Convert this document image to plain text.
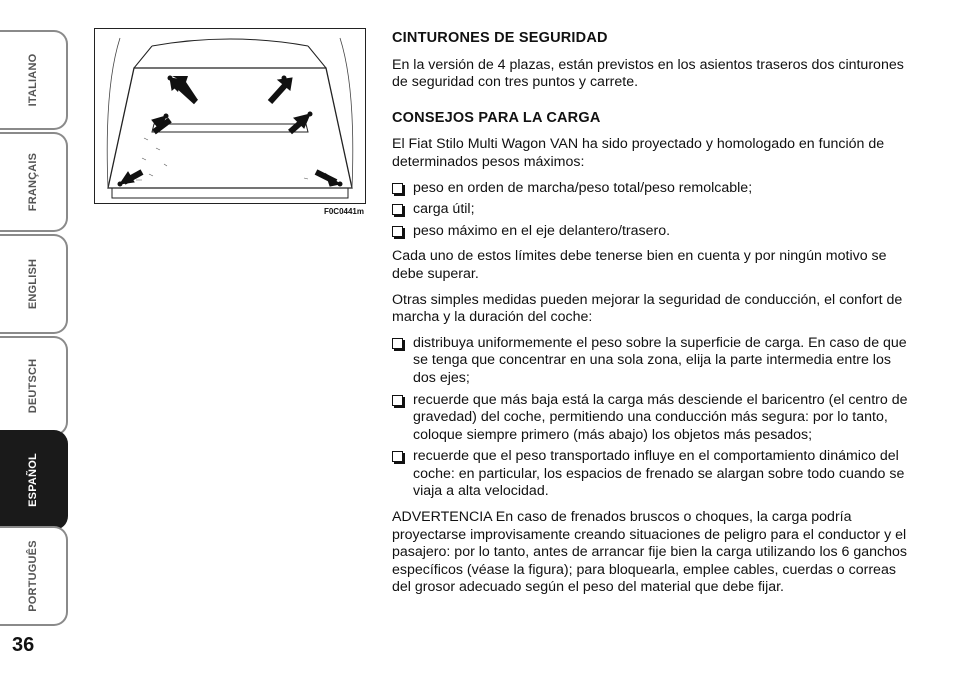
ITALIANO
FRANÇAIS
ENGLISH
DEUTSCH
ESPAÑOL
PORTUGUÊS
36
F0C0441m
CINTURONES DE SEGURIDAD

En la versión de 4 plazas, están previstos en los asientos traseros dos cinturones de seguridad con tres puntos y carrete.

CONSEJOS PARA LA CARGA

El Fiat Stilo Multi Wagon VAN ha sido proyectado y homologado en función de determinados pesos máximos:

peso en orden de marcha/peso total/peso remolcable;
carga útil;
peso máximo en el eje delantero/trasero.

Cada uno de estos límites debe tenerse bien en cuenta y por ningún motivo se debe superar.

Otras simples medidas pueden mejorar la seguridad de conducción, el confort de marcha y la duración del coche:

distribuya uniformemente el peso sobre la superficie de carga. En caso de que se tenga que concentrar en una sola zona, elija la parte intermedia entre los dos ejes;
recuerde que más baja está la carga más desciende el baricentro (el centro de gravedad) del coche, permitiendo una conducción más segura: por lo tanto, coloque siempre primero (más abajo) los objetos más pesados;
recuerde que el peso transportado influye en el comportamiento dinámico del coche: en particular, los espacios de frenado se alargan sobre todo cuando se viaja a alta velocidad.

ADVERTENCIA En caso de frenados bruscos o choques, la carga podría proyectarse improvisamente creando situaciones de peligro para el conductor y el pasajero: por lo tanto, antes de arrancar fije bien la carga utilizando los 6 ganchos específicos (véase la figura); para bloquearla, emplee cables, cuerdas o correas del grosor adecuado según el peso del material que debe fijar.
